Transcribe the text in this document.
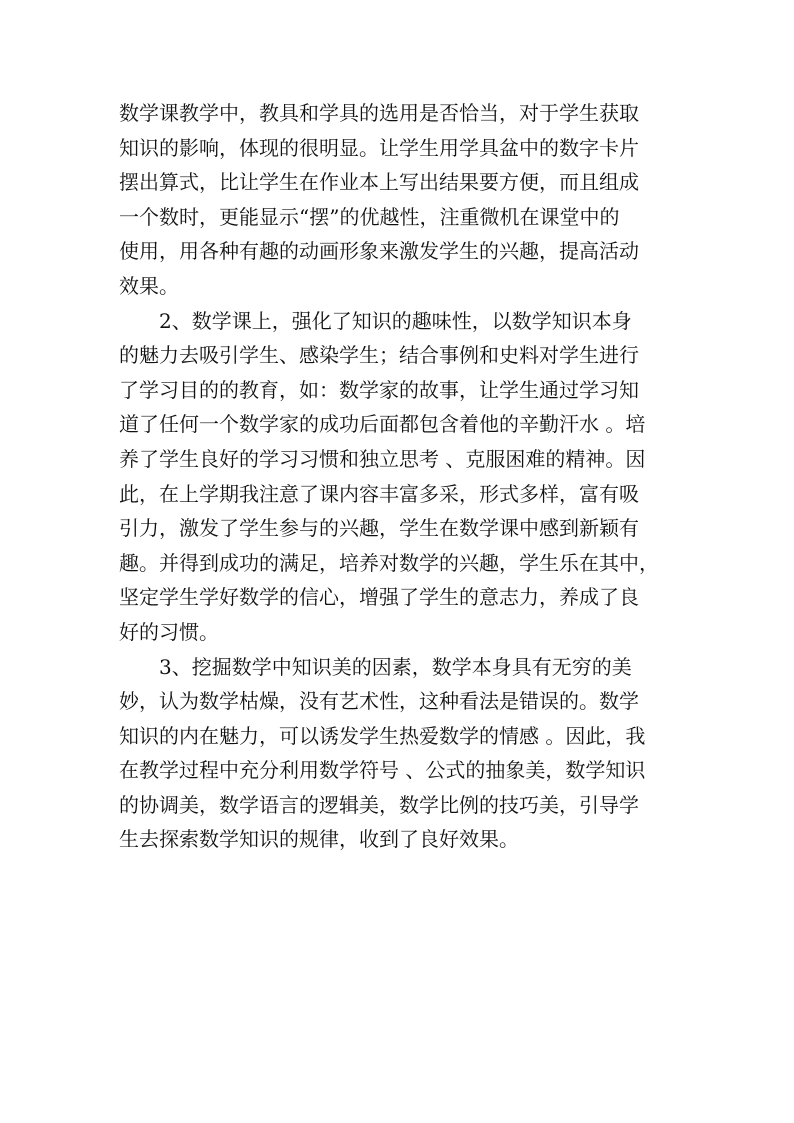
数学课教学中，教具和学具的选用是否恰当，对于学生获取
知识的影响，体现的很明显。让学生用学具盆中的数字卡片
摆出算式，比让学生在作业本上写出结果要方便，而且组成
一个数时，更能显示“摆”的优越性，注重微机在课堂中的
使用，用各种有趣的动画形象来激发学生的兴趣，提高活动
效果。
2、数学课上，强化了知识的趣味性，以数学知识本身
的魅力去吸引学生、感染学生；结合事例和史料对学生进行
了学习目的的教育，如：数学家的故事，让学生通过学习知
道了任何一个数学家的成功后面都包含着他的辛勤汗水 。培
养了学生良好的学习习惯和独立思考 、克服困难的精神。因
此，在上学期我注意了课内容丰富多采，形式多样，富有吸
引力，激发了学生参与的兴趣，学生在数学课中感到新颖有
趣。并得到成功的满足，培养对数学的兴趣，学生乐在其中，
坚定学生学好数学的信心，增强了学生的意志力，养成了良
好的习惯。
3、挖掘数学中知识美的因素，数学本身具有无穷的美
妙，认为数学枯燥，没有艺术性，这种看法是错误的。数学
知识的内在魅力，可以诱发学生热爱数学的情感 。因此，我
在教学过程中充分利用数学符号 、公式的抽象美，数学知识
的协调美，数学语言的逻辑美，数学比例的技巧美，引导学
生去探索数学知识的规律，收到了良好效果。
